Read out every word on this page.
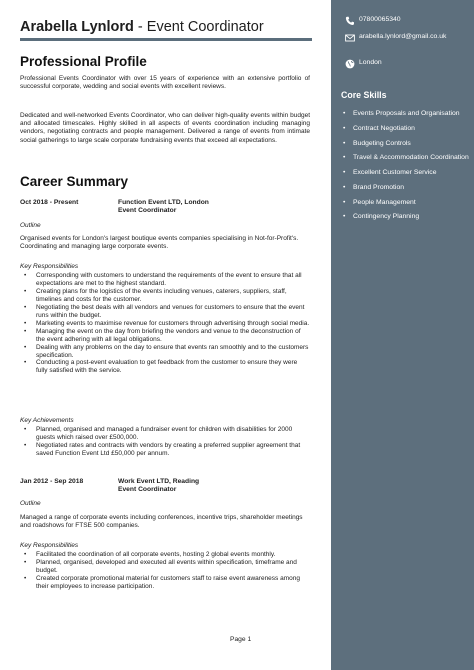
Arabella Lynlord - Event Coordinator
Professional Profile

Professional Events Coordinator with over 15 years of experience with an extensive portfolio of successful corporate, wedding and social events with excellent reviews.

Dedicated and well-networked Events Coordinator, who can deliver high-quality events within budget and allocated timescales. Highly skilled in all aspects of events coordination including managing vendors, negotiating contracts and people management. Delivered a range of events from intimate social gatherings to large scale corporate fundraising events that exceed all expectations.

Career Summary
Oct 2018 - Present	Function Event LTD, London
Event Coordinator
Outline

Organised events for London's largest boutique events companies specialising in Not-for-Profit's. Coordinating and managing large corporate events.

Key Responsibilities
• Corresponding with customers to understand the requirements of the event to ensure that all expectations are met to the highest standard.
• Creating plans for the logistics of the events including venues, caterers, suppliers, staff, timelines and costs for the customer.
• Negotiating the best deals with all vendors and venues for customers to ensure that the event runs within the budget.
• Marketing events to maximise revenue for customers through advertising through social media.
• Managing the event on the day from briefing the vendors and venue to the deconstruction of the event adhering with all legal obligations.
• Dealing with any problems on the day to ensure that events ran smoothly and to the customers specification.
• Conducting a post-event evaluation to get feedback from the customer to ensure they were fully satisfied with the service.
Key Achievements
• Planned, organised and managed a fundraiser event for children with disabilities for 2000 guests which raised over £500,000.
• Negotiated rates and contracts with vendors by creating a preferred supplier agreement that saved Function Event Ltd £50,000 per annum.
Jan 2012 - Sep 2018	Work Event LTD, Reading
Event Coordinator
Outline

Managed a range of corporate events including conferences, incentive trips, shareholder meetings and roadshows for FTSE 500 companies.

Key Responsibilities
• Facilitated the coordination of all corporate events, hosting 2 global events monthly.
• Planned, organised, developed and executed all events within specification, timeframe and budget.
• Created corporate promotional material for customers staff to raise event awareness among their employees to increase participation.
Page 1
07800065340
arabella.lynlord@gmail.co.uk
London
Core Skills
• Events Proposals and Organisation
• Contract Negotiation
• Budgeting Controls
• Travel & Accommodation Coordination
• Excellent Customer Service
• Brand Promotion
• People Management
• Contingency Planning
